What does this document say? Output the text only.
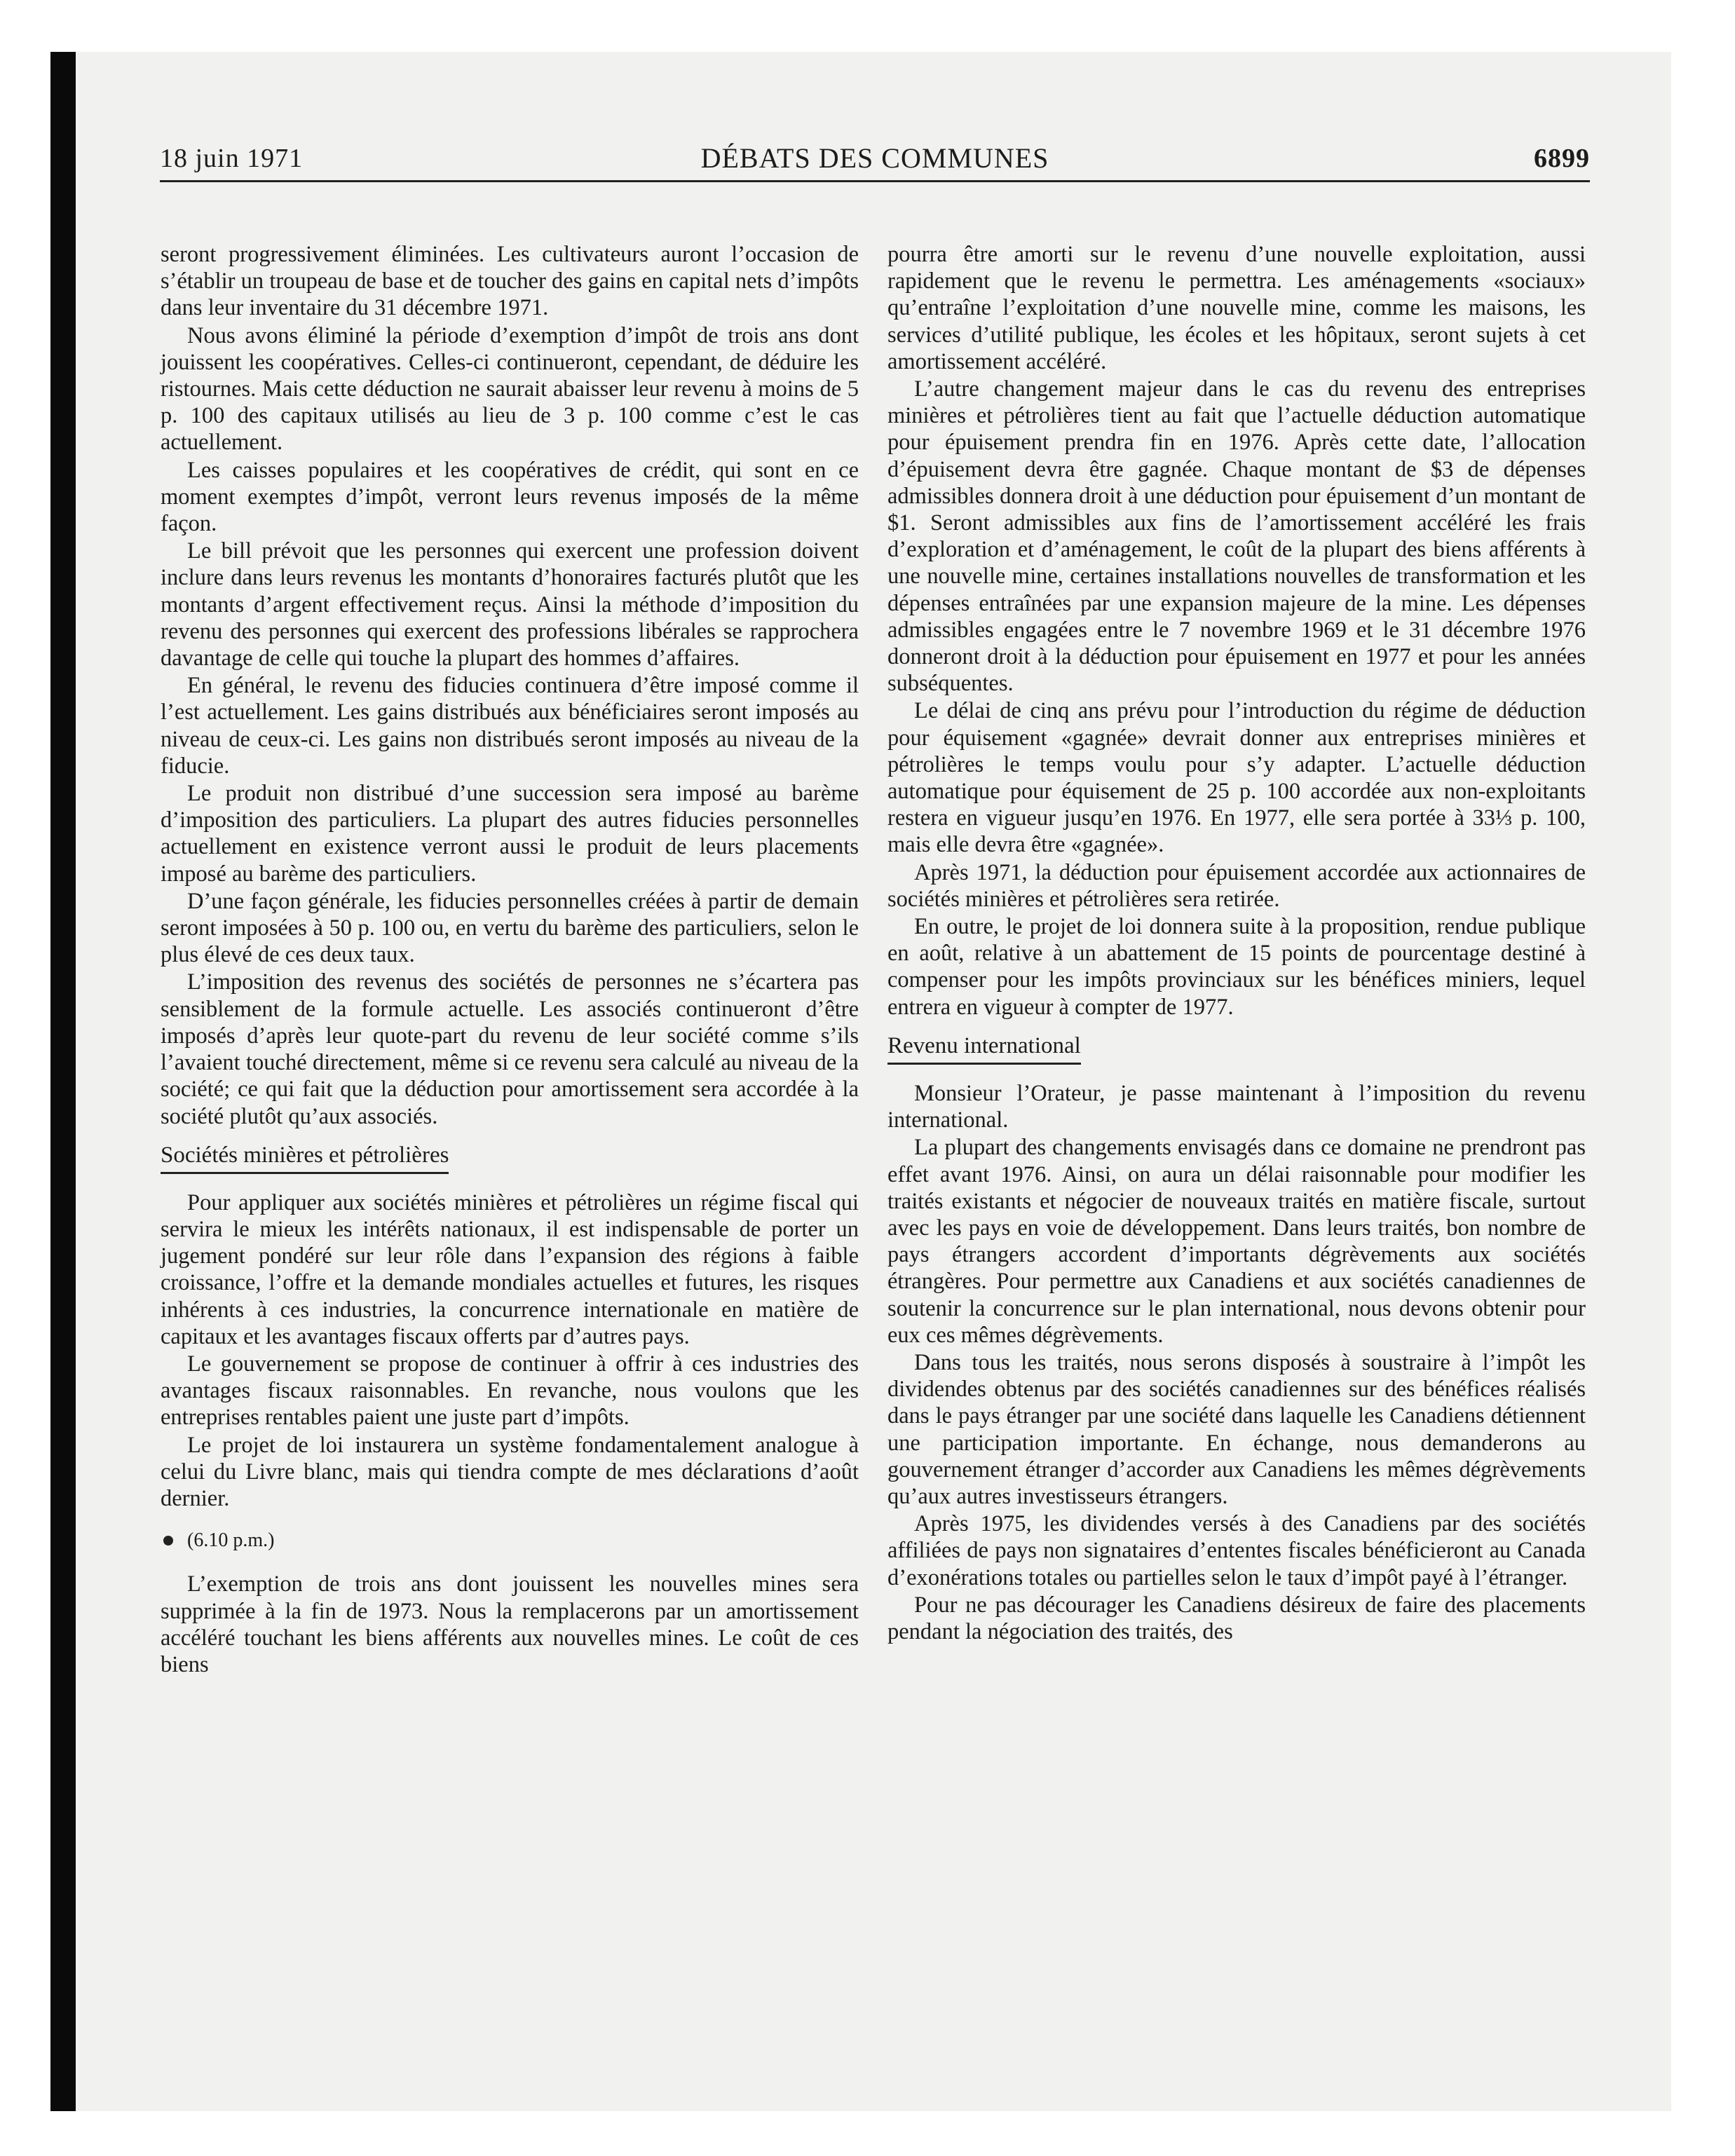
18 juin 1971	DÉBATS DES COMMUNES	6899

seront progressivement éliminées. Les cultivateurs auront l’occasion de s’établir un troupeau de base et de toucher des gains en capital nets d’impôts dans leur inventaire du 31 décembre 1971.

Nous avons éliminé la période d’exemption d’impôt de trois ans dont jouissent les coopératives. Celles-ci continueront, cependant, de déduire les ristournes. Mais cette déduction ne saurait abaisser leur revenu à moins de 5 p. 100 des capitaux utilisés au lieu de 3 p. 100 comme c’est le cas actuellement.

Les caisses populaires et les coopératives de crédit, qui sont en ce moment exemptes d’impôt, verront leurs revenus imposés de la même façon.

Le bill prévoit que les personnes qui exercent une profession doivent inclure dans leurs revenus les montants d’honoraires facturés plutôt que les montants d’argent effectivement reçus. Ainsi la méthode d’imposition du revenu des personnes qui exercent des professions libérales se rapprochera davantage de celle qui touche la plupart des hommes d’affaires.

En général, le revenu des fiducies continuera d’être imposé comme il l’est actuellement. Les gains distribués aux bénéficiaires seront imposés au niveau de ceux-ci. Les gains non distribués seront imposés au niveau de la fiducie.

Le produit non distribué d’une succession sera imposé au barème d’imposition des particuliers. La plupart des autres fiducies personnelles actuellement en existence verront aussi le produit de leurs placements imposé au barème des particuliers.

D’une façon générale, les fiducies personnelles créées à partir de demain seront imposées à 50 p. 100 ou, en vertu du barème des particuliers, selon le plus élevé de ces deux taux.

L’imposition des revenus des sociétés de personnes ne s’écartera pas sensiblement de la formule actuelle. Les associés continueront d’être imposés d’après leur quote-part du revenu de leur société comme s’ils l’avaient touché directement, même si ce revenu sera calculé au niveau de la société; ce qui fait que la déduction pour amortissement sera accordée à la société plutôt qu’aux associés.

Sociétés minières et pétrolières

Pour appliquer aux sociétés minières et pétrolières un régime fiscal qui servira le mieux les intérêts nationaux, il est indispensable de porter un jugement pondéré sur leur rôle dans l’expansion des régions à faible croissance, l’offre et la demande mondiales actuelles et futures, les risques inhérents à ces industries, la concurrence internationale en matière de capitaux et les avantages fiscaux offerts par d’autres pays.

Le gouvernement se propose de continuer à offrir à ces industries des avantages fiscaux raisonnables. En revanche, nous voulons que les entreprises rentables paient une juste part d’impôts.

Le projet de loi instaurera un système fondamentalement analogue à celui du Livre blanc, mais qui tiendra compte de mes déclarations d’août dernier.

(6.10 p.m.)

L’exemption de trois ans dont jouissent les nouvelles mines sera supprimée à la fin de 1973. Nous la remplacerons par un amortissement accéléré touchant les biens afférents aux nouvelles mines. Le coût de ces biens

pourra être amorti sur le revenu d’une nouvelle exploitation, aussi rapidement que le revenu le permettra. Les aménagements «sociaux» qu’entraîne l’exploitation d’une nouvelle mine, comme les maisons, les services d’utilité publique, les écoles et les hôpitaux, seront sujets à cet amortissement accéléré.

L’autre changement majeur dans le cas du revenu des entreprises minières et pétrolières tient au fait que l’actuelle déduction automatique pour épuisement prendra fin en 1976. Après cette date, l’allocation d’épuisement devra être gagnée. Chaque montant de $3 de dépenses admissibles donnera droit à une déduction pour épuisement d’un montant de $1. Seront admissibles aux fins de l’amortissement accéléré les frais d’exploration et d’aménagement, le coût de la plupart des biens afférents à une nouvelle mine, certaines installations nouvelles de transformation et les dépenses entraînées par une expansion majeure de la mine. Les dépenses admissibles engagées entre le 7 novembre 1969 et le 31 décembre 1976 donneront droit à la déduction pour épuisement en 1977 et pour les années subséquentes.

Le délai de cinq ans prévu pour l’introduction du régime de déduction pour équisement «gagnée» devrait donner aux entreprises minières et pétrolières le temps voulu pour s’y adapter. L’actuelle déduction automatique pour équisement de 25 p. 100 accordée aux non-exploitants restera en vigueur jusqu’en 1976. En 1977, elle sera portée à 33⅓ p. 100, mais elle devra être «gagnée».

Après 1971, la déduction pour épuisement accordée aux actionnaires de sociétés minières et pétrolières sera retirée.

En outre, le projet de loi donnera suite à la proposition, rendue publique en août, relative à un abattement de 15 points de pourcentage destiné à compenser pour les impôts provinciaux sur les bénéfices miniers, lequel entrera en vigueur à compter de 1977.

Revenu international

Monsieur l’Orateur, je passe maintenant à l’imposition du revenu international.

La plupart des changements envisagés dans ce domaine ne prendront pas effet avant 1976. Ainsi, on aura un délai raisonnable pour modifier les traités existants et négocier de nouveaux traités en matière fiscale, surtout avec les pays en voie de développement. Dans leurs traités, bon nombre de pays étrangers accordent d’importants dégrèvements aux sociétés étrangères. Pour permettre aux Canadiens et aux sociétés canadiennes de soutenir la concurrence sur le plan international, nous devons obtenir pour eux ces mêmes dégrèvements.

Dans tous les traités, nous serons disposés à soustraire à l’impôt les dividendes obtenus par des sociétés canadiennes sur des bénéfices réalisés dans le pays étranger par une société dans laquelle les Canadiens détiennent une participation importante. En échange, nous demanderons au gouvernement étranger d’accorder aux Canadiens les mêmes dégrèvements qu’aux autres investisseurs étrangers.

Après 1975, les dividendes versés à des Canadiens par des sociétés affiliées de pays non signataires d’ententes fiscales bénéficieront au Canada d’exonérations totales ou partielles selon le taux d’impôt payé à l’étranger.

Pour ne pas décourager les Canadiens désireux de faire des placements pendant la négociation des traités, des
